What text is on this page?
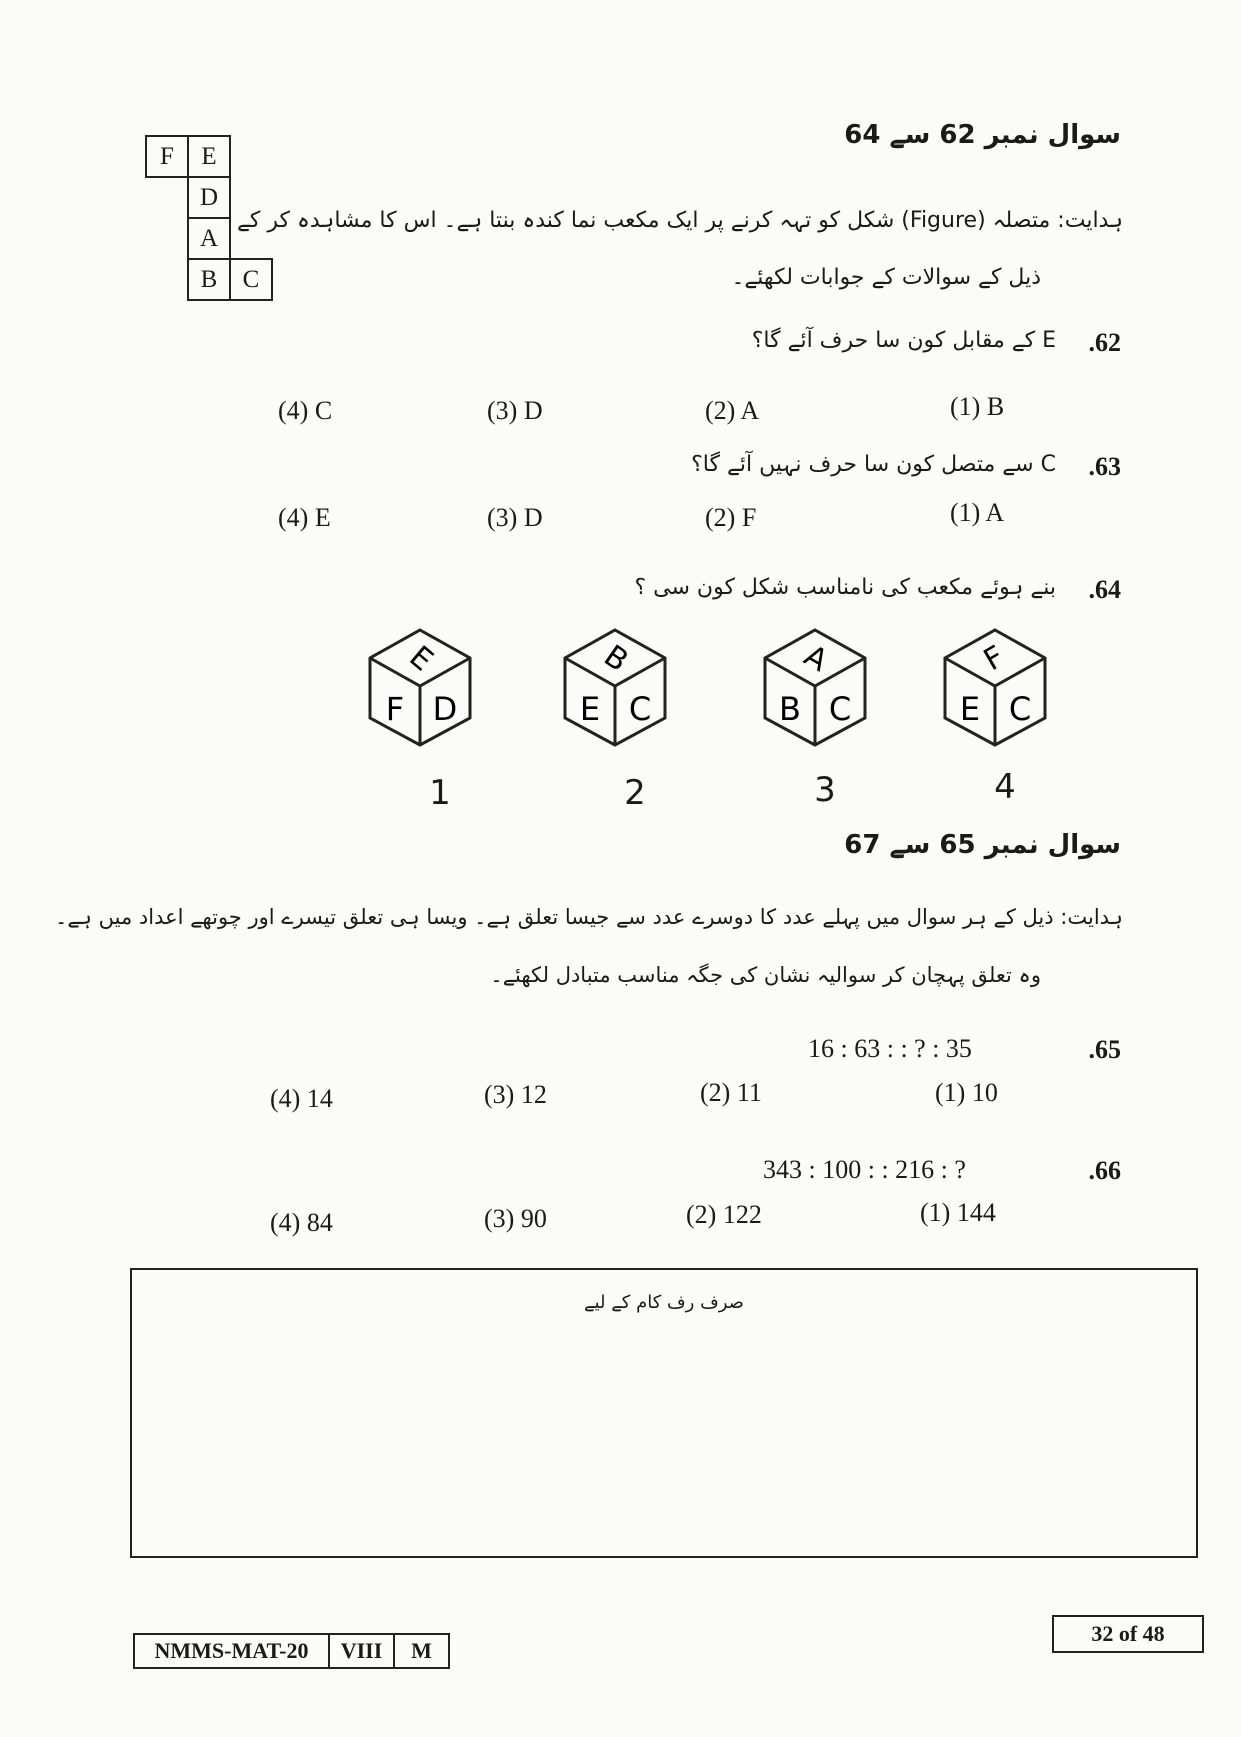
سوال نمبر 62 سے 64
F	E
D
A
B	C
ہدایت: متصلہ (Figure) شکل کو تہہ کرنے پر ایک مکعب نما کندہ بنتا ہے۔ اس کا مشاہدہ کر کے
ذیل کے سوالات کے جوابات لکھئے۔
.62
E کے مقابل کون سا حرف آئے گا؟
(1) B
(2) A
(3) D
(4) C
.63
C سے متصل کون سا حرف نہیں آئے گا؟
(1) A
(2) F
(3) D
(4) E
.64
بنے ہوئے مکعب کی نامناسب شکل کون سی ؟
E
F D
B
E C
A
B C
F
E C
1	2	3	4
سوال نمبر 65 سے 67
ہدایت: ذیل کے ہر سوال میں پہلے عدد کا دوسرے عدد سے جیسا تعلق ہے۔ ویسا ہی تعلق تیسرے اور چوتھے اعداد میں ہے۔
وہ تعلق پہچان کر سوالیہ نشان کی جگہ مناسب متبادل لکھئے۔
.65
16 : 63 : : ? : 35
(1) 10
(2) 11
(3) 12
(4) 14
.66
343 : 100 : : 216 : ?
(1) 144
(2) 122
(3) 90
(4) 84
صرف رف کام کے لیے
NMMS-MAT-20	VIII	M
32 of 48
